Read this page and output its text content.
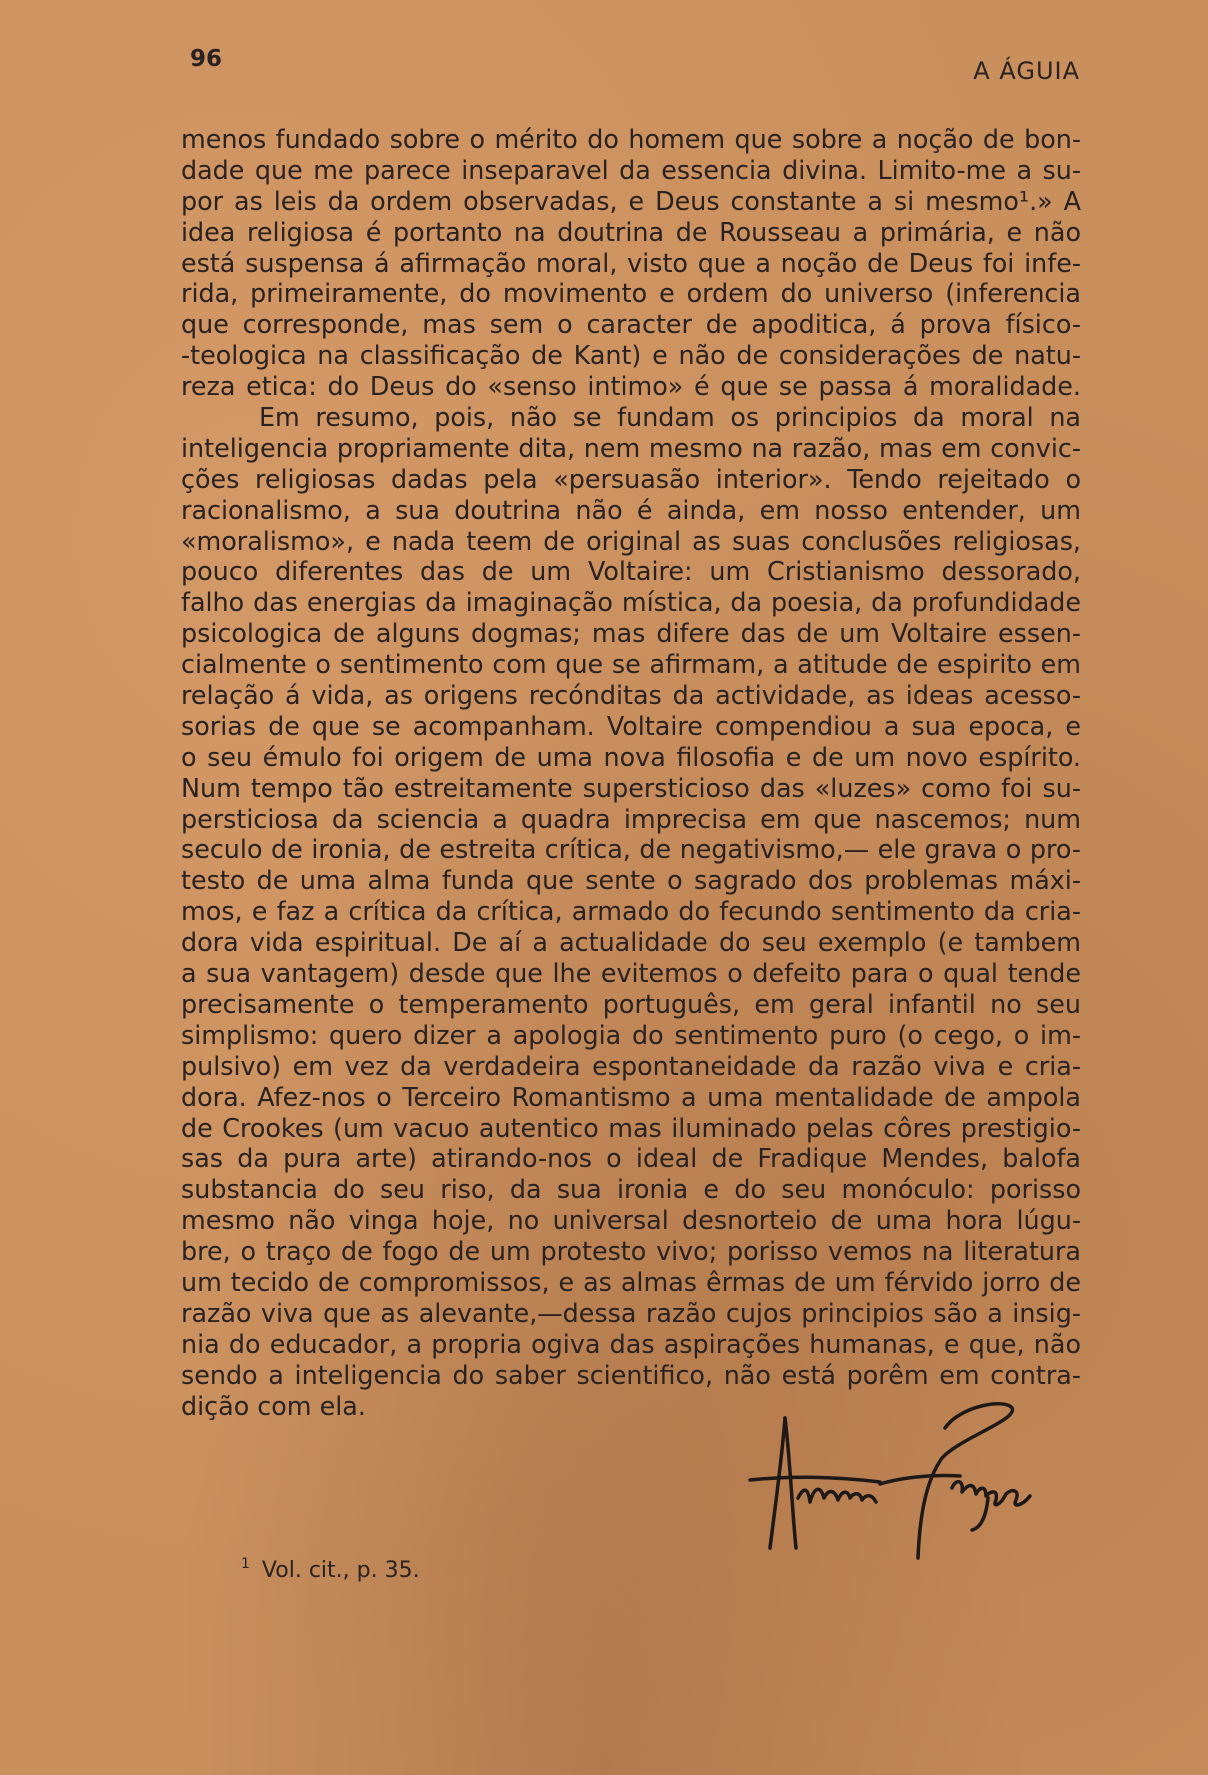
96	A ÁGUIA
menos fundado sobre o mérito do homem que sobre a noção de bon-
dade que me parece inseparavel da essencia divina. Limito-me a su-
por as leis da ordem observadas, e Deus constante a si mesmo¹.» A
idea religiosa é portanto na doutrina de Rousseau a primária, e não
está suspensa á afirmação moral, visto que a noção de Deus foi infe-
rida, primeiramente, do movimento e ordem do universo (inferencia
que corresponde, mas sem o caracter de apoditica, á prova físico-
-teologica na classificação de Kant) e não de considerações de natu-
reza etica: do Deus do «senso intimo» é que se passa á moralidade.
Em resumo, pois, não se fundam os principios da moral na
inteligencia propriamente dita, nem mesmo na razão, mas em convic-
ções religiosas dadas pela «persuasão interior». Tendo rejeitado o
racionalismo, a sua doutrina não é ainda, em nosso entender, um
«moralismo», e nada teem de original as suas conclusões religiosas,
pouco diferentes das de um Voltaire: um Cristianismo dessorado,
falho das energias da imaginação mística, da poesia, da profundidade
psicologica de alguns dogmas; mas difere das de um Voltaire essen-
cialmente o sentimento com que se afirmam, a atitude de espirito em
relação á vida, as origens recónditas da actividade, as ideas acesso-
sorias de que se acompanham. Voltaire compendiou a sua epoca, e
o seu émulo foi origem de uma nova filosofia e de um novo espírito.
Num tempo tão estreitamente supersticioso das «luzes» como foi su-
persticiosa da sciencia a quadra imprecisa em que nascemos; num
seculo de ironia, de estreita crítica, de negativismo,— ele grava o pro-
testo de uma alma funda que sente o sagrado dos problemas máxi-
mos, e faz a crítica da crítica, armado do fecundo sentimento da cria-
dora vida espiritual. De aí a actualidade do seu exemplo (e tambem
a sua vantagem) desde que lhe evitemos o defeito para o qual tende
precisamente o temperamento português, em geral infantil no seu
simplismo: quero dizer a apologia do sentimento puro (o cego, o im-
pulsivo) em vez da verdadeira espontaneidade da razão viva e cria-
dora. Afez-nos o Terceiro Romantismo a uma mentalidade de ampola
de Crookes (um vacuo autentico mas iluminado pelas côres prestigio-
sas da pura arte) atirando-nos o ideal de Fradique Mendes, balofa
substancia do seu riso, da sua ironia e do seu monóculo: porisso
mesmo não vinga hoje, no universal desnorteio de uma hora lúgu-
bre, o traço de fogo de um protesto vivo; porisso vemos na literatura
um tecido de compromissos, e as almas êrmas de um férvido jorro de
razão viva que as alevante,—dessa razão cujos principios são a insig-
nia do educador, a propria ogiva das aspirações humanas, e que, não
sendo a inteligencia do saber scientifico, não está porêm em contra-
dição com ela.
$^1$ Vol. cit., p. 35.
